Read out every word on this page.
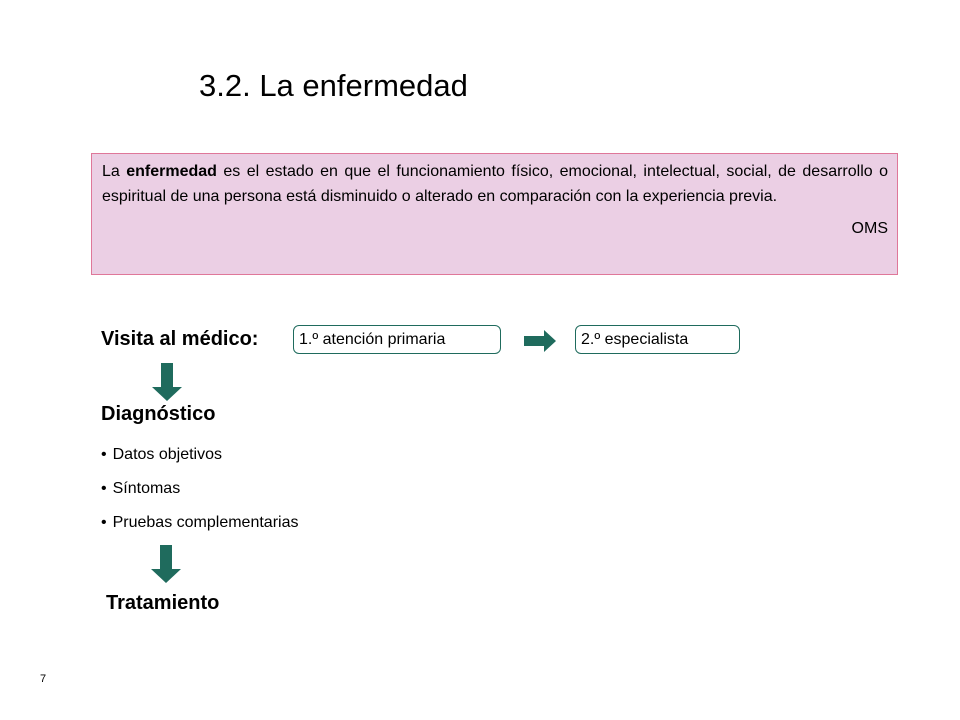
3.2. La enfermedad

La enfermedad es el estado en que el funcionamiento físico, emocional, intelectual, social, de desarrollo o espiritual de una persona está disminuido o alterado en comparación con la experiencia previa.

OMS
Visita al médico:	1.º atención primaria	2.º especialista
Diagnóstico
• Datos objetivos
• Síntomas
• Pruebas complementarias
Tratamiento
7
